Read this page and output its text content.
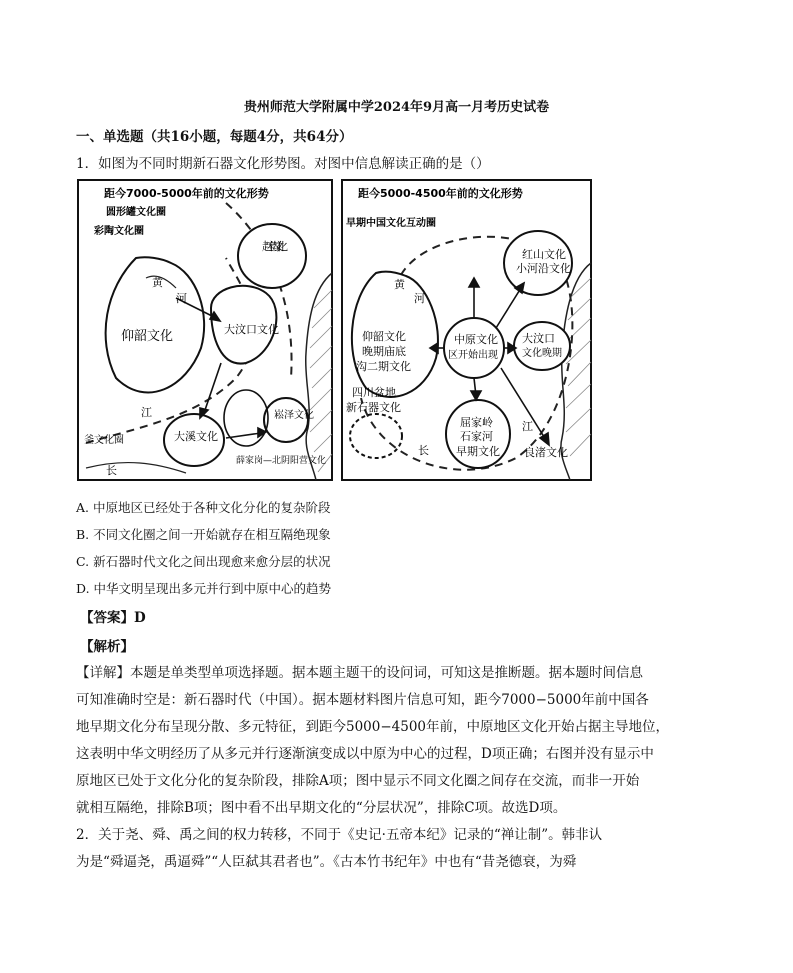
贵州师范大学附属中学2024年9月高一月考历史试卷
一、单选题（共16小题，每题4分，共64分）
1．如图为不同时期新石器文化形势图。对图中信息解读正确的是（）
距今7000-5000年前的文化形势
圆形罐文化圈
彩陶文化圈
赵宝沟文化
黄
河
仰韶文化	大汶口文化
江
釜文化圈	大溪文化
崧泽文化
薛家岗—北阴阳营文化
长
距今5000-4500年前的文化形势
早期中国文化互动圈
红山文化
小河沿文化
黄
河
仰韶文化
晚期庙底
沟二期文化
中原文化
区开始出现
大汶口
文化晚期
四川盆地
新石器文化
屈家岭
石家河
早期文化
江
长	良渚文化
A. 中原地区已经处于各种文化分化的复杂阶段
B. 不同文化圈之间一开始就存在相互隔绝现象
C. 新石器时代文化之间出现愈来愈分层的状况
D. 中华文明呈现出多元并行到中原中心的趋势
【答案】D
【解析】
【详解】本题是单类型单项选择题。据本题主题干的设问词，可知这是推断题。据本题时间信息
可知准确时空是：新石器时代（中国）。据本题材料图片信息可知，距今7000−5000年前中国各
地早期文化分布呈现分散、多元特征，到距今5000−4500年前，中原地区文化开始占据主导地位，
这表明中华文明经历了从多元并行逐渐演变成以中原为中心的过程，D项正确；右图并没有显示中
原地区已处于文化分化的复杂阶段，排除A项；图中显示不同文化圈之间存在交流，而非一开始
就相互隔绝，排除B项；图中看不出早期文化的“分层状况”，排除C项。故选D项。
2．关于尧、舜、禹之间的权力转移，不同于《史记·五帝本纪》记录的“禅让制”。韩非认
为是“舜逼尧，禹逼舜”“人臣弑其君者也”。《古本竹书纪年》中也有“昔尧德衰，为舜
